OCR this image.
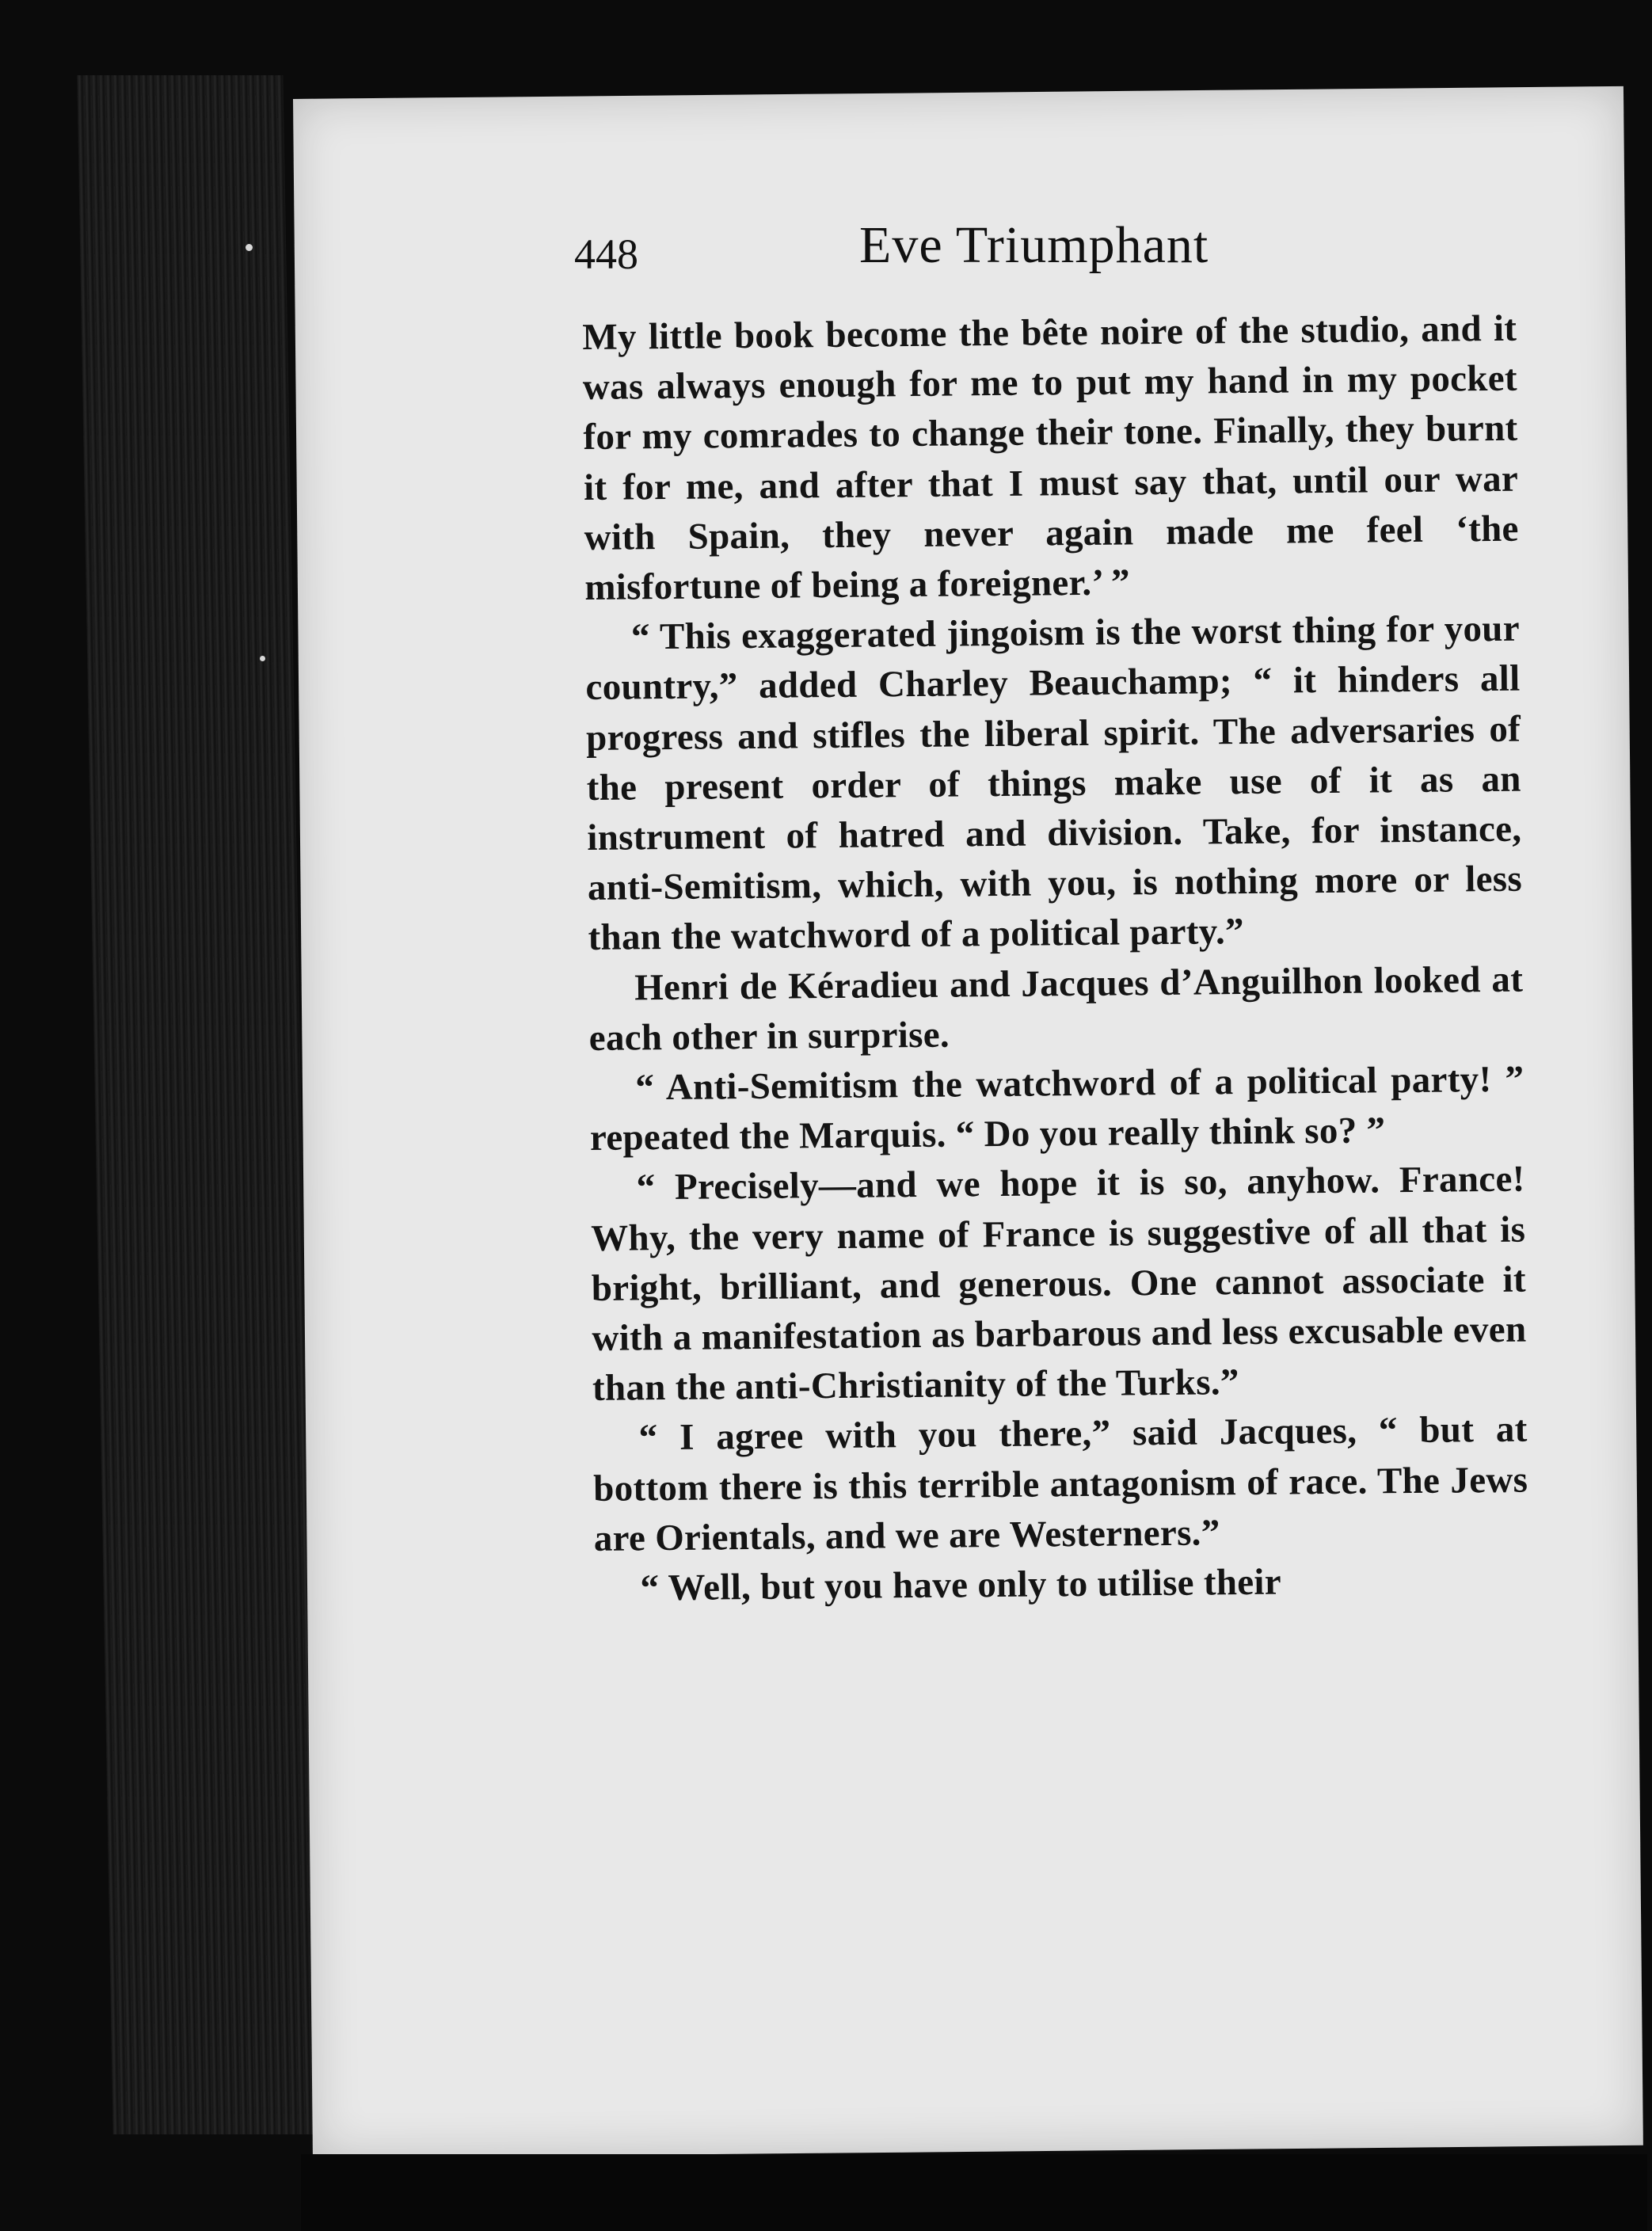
448	Eve Triumphant

My little book become the bête noire of the studio, and it was always enough for me to put my hand in my pocket for my comrades to change their tone. Finally, they burnt it for me, and after that I must say that, until our war with Spain, they never again made me feel ‘the misfortune of being a foreigner.’ ”

“ This exaggerated jingoism is the worst thing for your country,” added Charley Beauchamp; “ it hinders all progress and stifles the liberal spirit. The adversaries of the present order of things make use of it as an instrument of hatred and division. Take, for instance, anti-Semitism, which, with you, is nothing more or less than the watchword of a political party.”

Henri de Kéradieu and Jacques d’Anguilhon looked at each other in surprise.

“ Anti-Semitism the watchword of a political party! ” repeated the Marquis. “ Do you really think so? ”

“ Precisely—and we hope it is so, anyhow. France! Why, the very name of France is suggestive of all that is bright, brilliant, and generous. One cannot associate it with a manifestation as barbarous and less excusable even than the anti-Christianity of the Turks.”

“ I agree with you there,” said Jacques, “ but at bottom there is this terrible antagonism of race. The Jews are Orientals, and we are Westerners.”

“ Well, but you have only to utilise their
